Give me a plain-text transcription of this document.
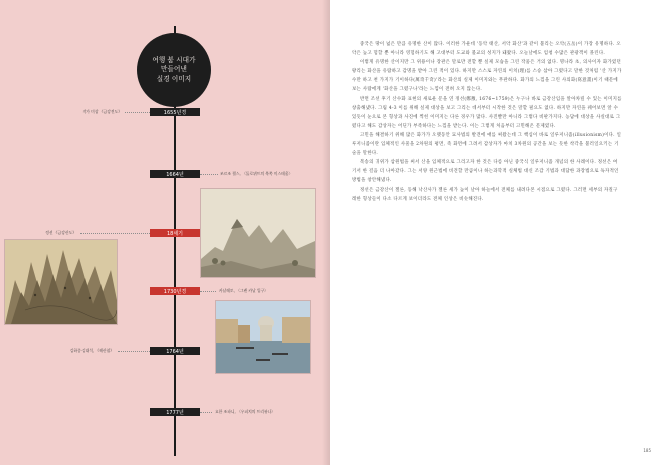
여행 붐 시대가
만들어낸
실경 이미지
1655년경
작가 미상 《금강전도》
1664년	조르조 뮐스, 〈돌로뮈트의 북쪽 미스테움〉
18세기
정선 《금강산도》
1730년경	카날레토, 〈그랜 카날 입구〉
1764년
김하종·김대석, 《해산첩》
1777년	요한 조파니, 〈우피치의 트리뷰나〉

중국은 땅이 넓은 만큼 유명한 산이 많다. 이러한 가운데 '동악 태산, 서악 화산'과 같이 불리는 오악(五岳)이 가장 유명하다. 오악은 높고 험할 뿐 아니라 영험하기도 해 고대부터 도교와 불교의 성지가 돼왔다. 오늘날에도 엄청 수많은 관광객이 몰린다.

이렇게 유명한 산이지만 그 위용이나 장관은 말로만 전할 뿐 실제 모습을 그린 작품은 거의 없다. 명나라 초, 의사이자 화가였던 왕리는 화산을 유람하고 감명을 받아 그린 적이 있다. 하지만 스스로 자연의 이치(理)를 스승 삼아 그렸다고 말한 것처럼 '산 가지가 수만 하고 천 가지가 기이하다(萬奇千奇)'라는 화산의 실제 이미지와는 무관하다. 화가의 느낌을 그린 사의화(寫意畫)이기 때문에 보는 사람에게 '화산을 그렸구나'라는 느낌이 전혀 오지 않는다.

반면 조선 후기 산수화 표현의 새로운 문을 연 정선(鄭敾, 1676~1759)은 누구나 바로 금강산임을 알아차릴 수 있는 이미지를 창출해냈다. 그림 4-3 이를 위해 실제 대상을 보고 그리는 데서부터 시작한 것은 말할 필요도 없다. 하지만 자연을 꿰어보면 알 수 있듯이 눈으로 본 형상과 사진에 찍힌 이미지는 다른 경우가 많다. 사진빨만 아니라 그렇다 비판가지다. 농담에 대상을 사실대로 그렸다고 해도 감상자는 어딘가 부족하다는 느낌을 받는다. 이는 그렇게 처음부터 고민해온 문제였다.

고민을 해결하기 위해 많은 화가가 오랫동안 묘사법의 발견에 애를 써왔는데 그 핵심이 바로 일루저니즘(illusionism)이다. 일루저니즘이란 입체적인 사물을 2차원의 평면, 즉 화면에 그려서 감상자가 마치 3차원의 공간을 보는 듯한 착각을 불러일으키는 기술을 말한다.

복송의 귀위가 삼원법을 써서 산을 입체적으로 그리고자 한 것은 다름 아닌 중국식 일루저니즘 개념의 한 사례이다. 정선은 여기서 한 걸음 더 나아갔다. 그는 서양 원근법에 비견할 만큼이나 하는과학적 실체법 대신 조감 기법과 대담한 과장법으로 독자적인 방법을 창안해냈다.

정선은 금강산이 젤른, 동해 낙산사가 젤른 세가 높이 날아 하늘에서 전체를 내려다본 시점으로 그렸다. 그러면 세부의 자질구레한 형상들이 다소 다르게 보이더라도 전체 인상은 비슷해진다.

185
